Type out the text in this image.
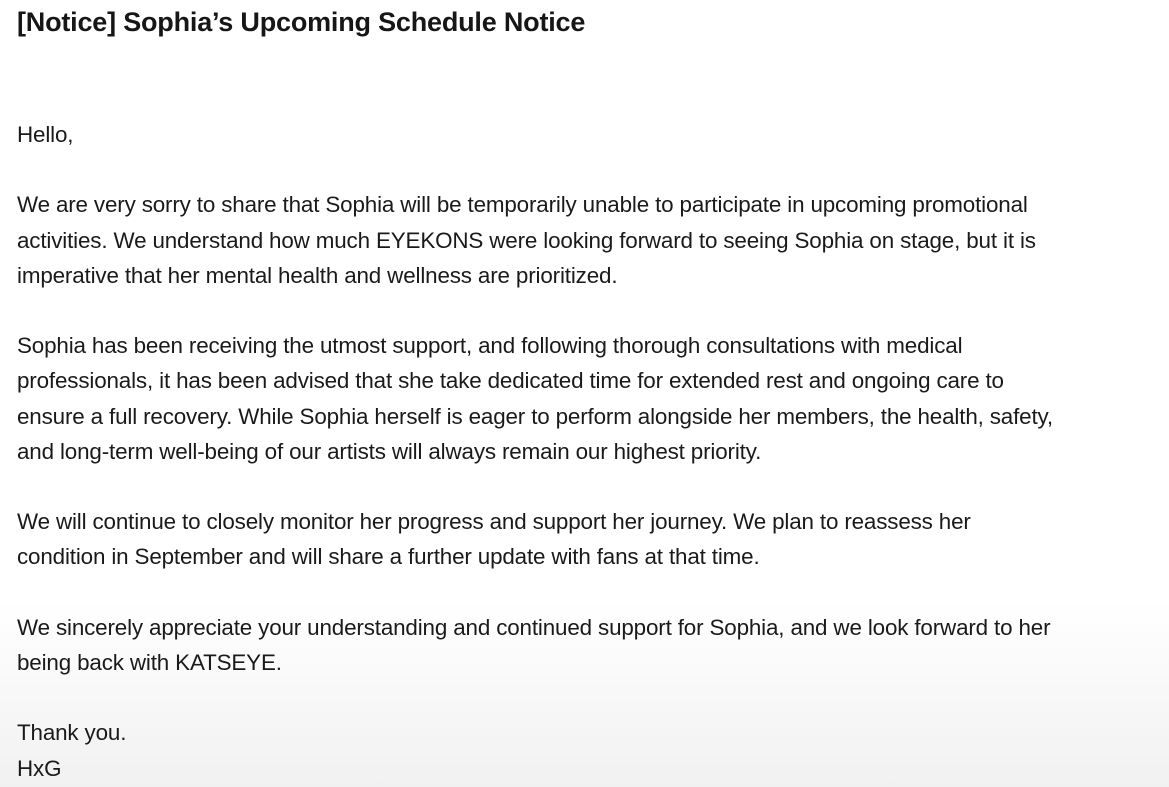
[Notice] Sophia’s Upcoming Schedule Notice

Hello,

We are very sorry to share that Sophia will be temporarily unable to participate in upcoming promotional
activities. We understand how much EYEKONS were looking forward to seeing Sophia on stage, but it is
imperative that her mental health and wellness are prioritized.

Sophia has been receiving the utmost support, and following thorough consultations with medical
professionals, it has been advised that she take dedicated time for extended rest and ongoing care to
ensure a full recovery. While Sophia herself is eager to perform alongside her members, the health, safety,
and long-term well-being of our artists will always remain our highest priority.

We will continue to closely monitor her progress and support her journey. We plan to reassess her
condition in September and will share a further update with fans at that time.

We sincerely appreciate your understanding and continued support for Sophia, and we look forward to her
being back with KATSEYE.

Thank you.
HxG
